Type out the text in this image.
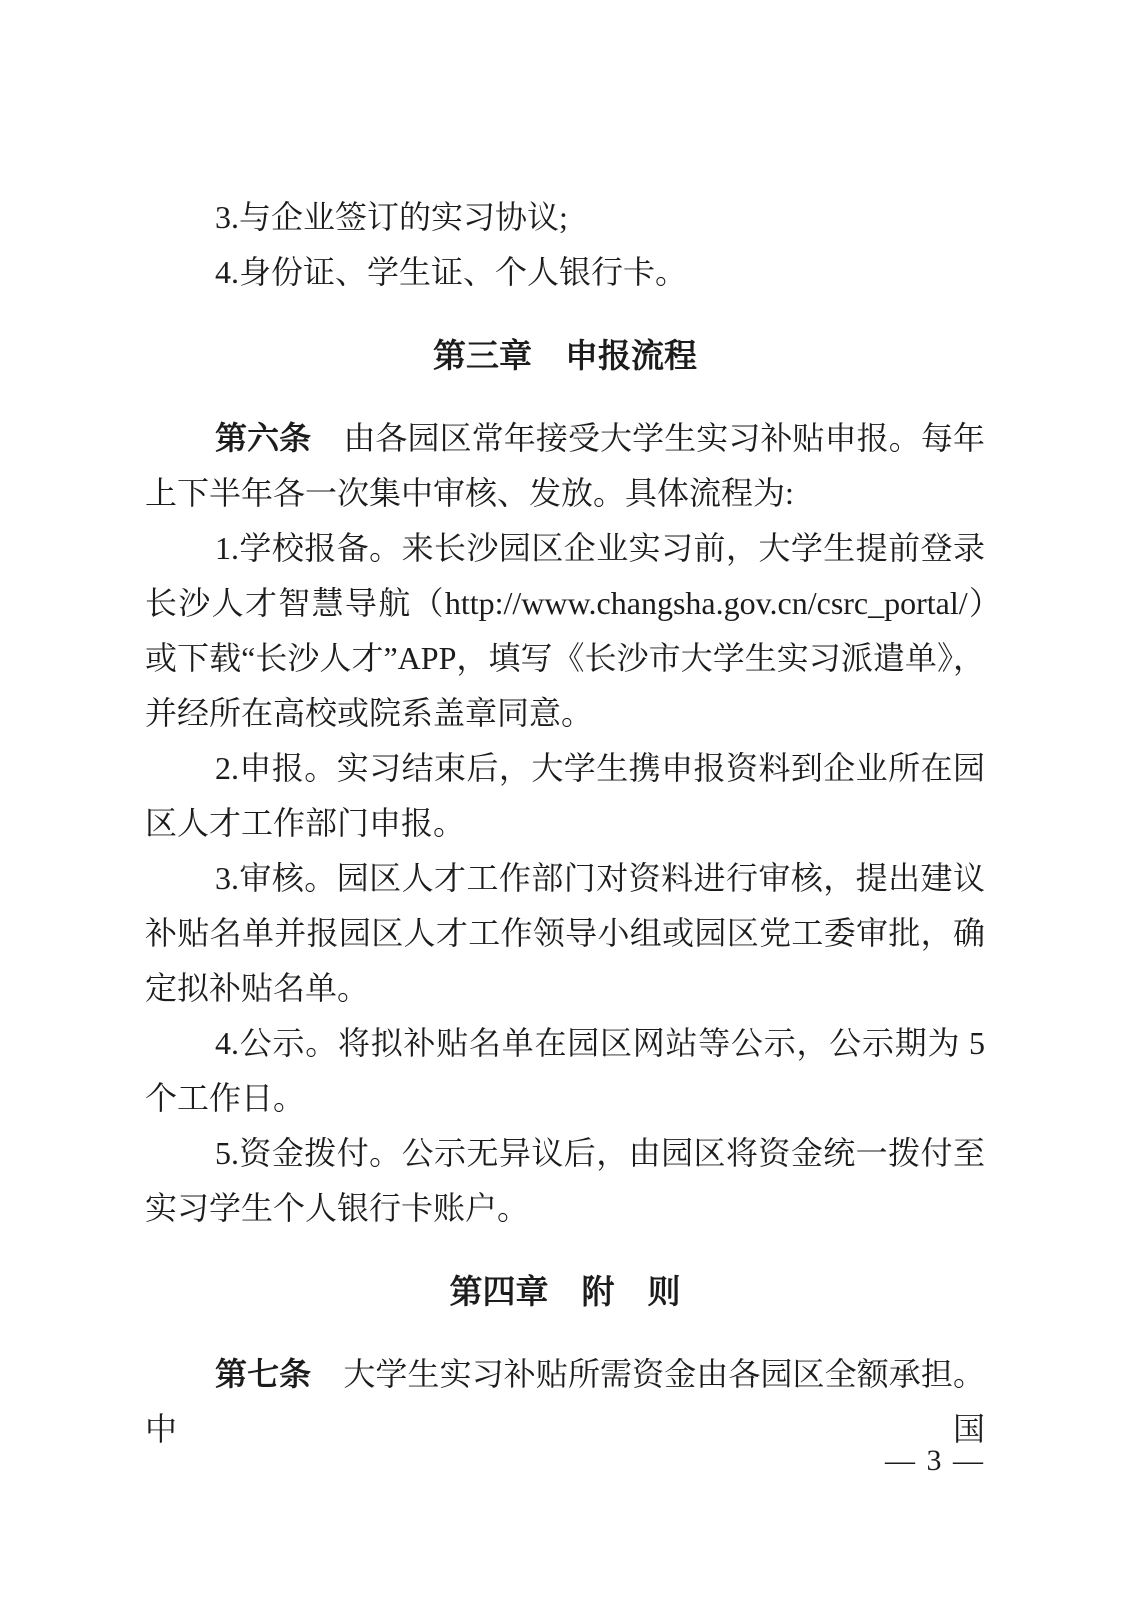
3.与企业签订的实习协议;

4.身份证、学生证、个人银行卡。

第三章　申报流程

第六条　由各园区常年接受大学生实习补贴申报。每年上下半年各一次集中审核、发放。具体流程为:

1.学校报备。来长沙园区企业实习前，大学生提前登录长沙人才智慧导航（http://www.changsha.gov.cn/csrc_portal/）或下载“长沙人才”APP，填写《长沙市大学生实习派遣单》，并经所在高校或院系盖章同意。

2.申报。实习结束后，大学生携申报资料到企业所在园区人才工作部门申报。

3.审核。园区人才工作部门对资料进行审核，提出建议补贴名单并报园区人才工作领导小组或园区党工委审批，确定拟补贴名单。

4.公示。将拟补贴名单在园区网站等公示，公示期为 5 个工作日。

5.资金拨付。公示无异议后，由园区将资金统一拨付至实习学生个人银行卡账户。

第四章　附　则

第七条　大学生实习补贴所需资金由各园区全额承担。中国

— 3 —
